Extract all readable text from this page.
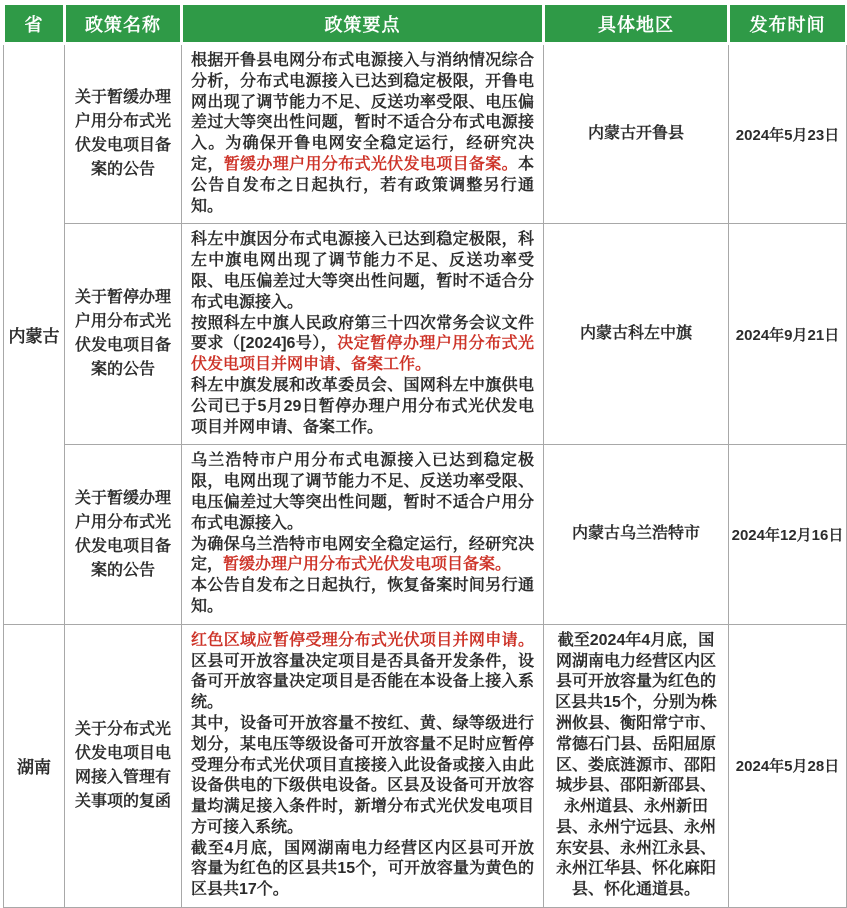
省	政策名称	政策要点	具体地区	发布时间
内蒙古	关于暂缓办理户用分布式光伏发电项目备案的公告	根据开鲁县电网分布式电源接入与消纳情况综合分析，分布式电源接入已达到稳定极限，开鲁电网出现了调节能力不足、反送功率受限、电压偏差过大等突出性问题，暂时不适合分布式电源接入。为确保开鲁电网安全稳定运行，经研究决定，暂缓办理户用分布式光伏发电项目备案。本公告自发布之日起执行，若有政策调整另行通知。	内蒙古开鲁县	2024年5月23日
	关于暂停办理户用分布式光伏发电项目备案的公告	科左中旗因分布式电源接入已达到稳定极限，科左中旗电网出现了调节能力不足、反送功率受限、电压偏差过大等突出性问题，暂时不适合分布式电源接入。

按照科左中旗人民政府第三十四次常务会议文件要求（[2024]6号），决定暂停办理户用分布式光伏发电项目并网申请、备案工作。

科左中旗发展和改革委员会、国网科左中旗供电公司已于5月29日暂停办理户用分布式光伏发电项目并网申请、备案工作。	内蒙古科左中旗	2024年9月21日
	关于暂缓办理户用分布式光伏发电项目备案的公告	乌兰浩特市户用分布式电源接入已达到稳定极限，电网出现了调节能力不足、反送功率受限、电压偏差过大等突出性问题，暂时不适合户用分布式电源接入。

为确保乌兰浩特市电网安全稳定运行，经研究决定，暂缓办理户用分布式光伏发电项目备案。

本公告自发布之日起执行，恢复备案时间另行通知。	内蒙古乌兰浩特市	2024年12月16日
湖南	关于分布式光伏发电项目电网接入管理有关事项的复函	红色区域应暂停受理分布式光伏项目并网申请。区县可开放容量决定项目是否具备开发条件，设备可开放容量决定项目是否能在本设备上接入系统。

其中，设备可开放容量不按红、黄、绿等级进行划分，某电压等级设备可开放容量不足时应暂停受理分布式光伏项目直接接入此设备或接入由此设备供电的下级供电设备。区县及设备可开放容量均满足接入条件时，新增分布式光伏发电项目方可接入系统。

截至4月底，国网湖南电力经营区内区县可开放容量为红色的区县共15个，可开放容量为黄色的区县共17个。	截至2024年4月底，国网湖南电力经营区内区县可开放容量为红色的区县共15个，分别为株洲攸县、衡阳常宁市、常德石门县、岳阳屈原区、娄底涟源市、邵阳城步县、邵阳新邵县、永州道县、永州新田县、永州宁远县、永州东安县、永州江永县、永州江华县、怀化麻阳县、怀化通道县。	2024年5月28日
